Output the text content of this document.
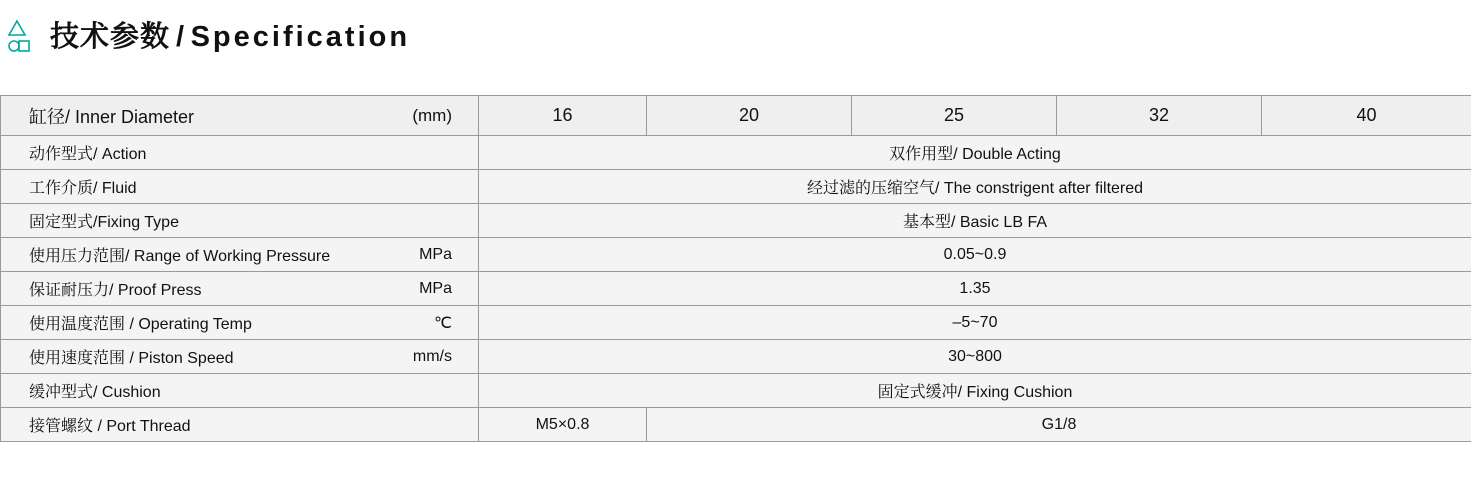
技术参数 / Specification
缸径/ Inner Diameter (mm)	16	20	25	32	40

动作型式/ Action	双作用型/ Double Acting				

工作介质/ Fluid	经过滤的压缩空气/ The constrigent after filtered				

固定型式/Fixing Type	基本型/ Basic LB FA				

使用压力范围/ Range of Working Pressure MPa	0.05~0.9				

保证耐压力/ Proof Press MPa	1.35				

使用温度范围 / Operating Temp ℃	–5~70				

使用速度范围 / Piston Speed mm/s	30~800				

缓冲型式/ Cushion	固定式缓冲/ Fixing Cushion				

接管螺纹 / Port Thread	M5×0.8	G1/8			
